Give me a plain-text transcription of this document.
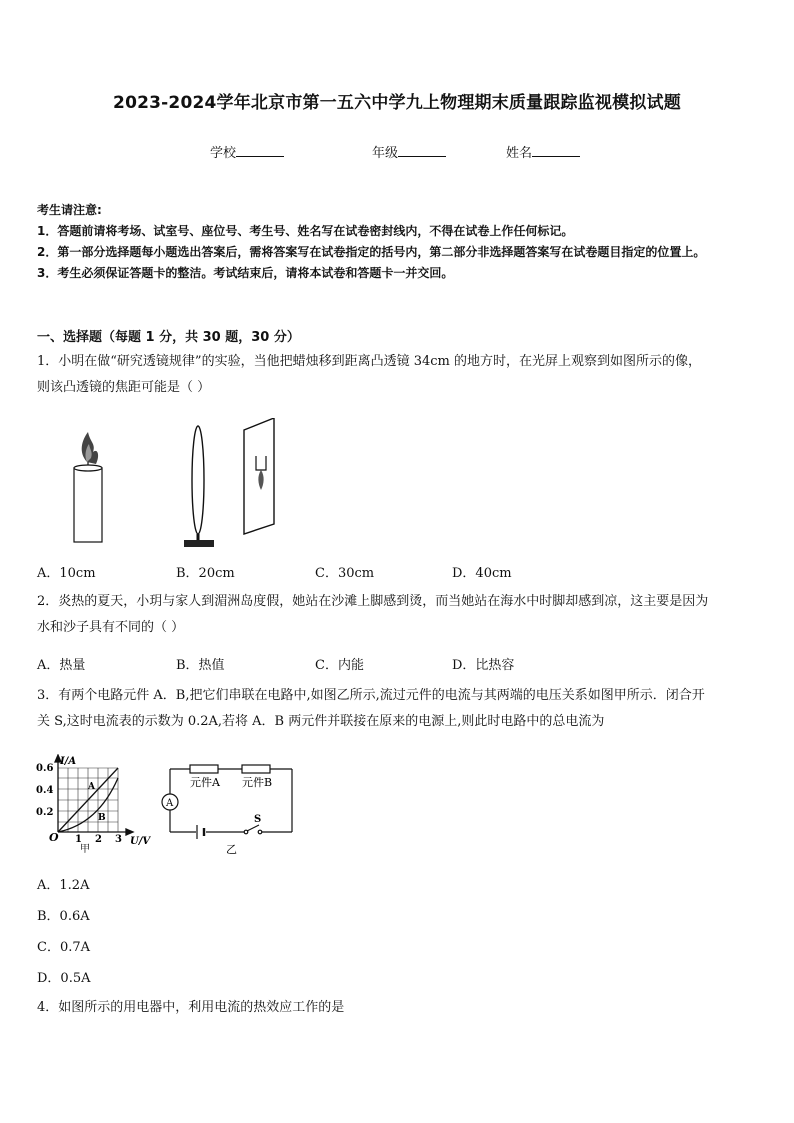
2023-2024学年北京市第一五六中学九上物理期末质量跟踪监视模拟试题
学校	年级	姓名
考生请注意:
1．答题前请将考场、试室号、座位号、考生号、姓名写在试卷密封线内，不得在试卷上作任何标记。
2．第一部分选择题每小题选出答案后，需将答案写在试卷指定的括号内，第二部分非选择题答案写在试卷题目指定的位置上。
3．考生必须保证答题卡的整洁。考试结束后，请将本试卷和答题卡一并交回。
一、选择题（每题 1 分，共 30 题，30 分）
1．小明在做“研究透镜规律”的实验，当他把蜡烛移到距离凸透镜 34cm 的地方时，在光屏上观察到如图所示的像，
则该凸透镜的焦距可能是（ ）
A．10cm	B．20cm	C．30cm	D．40cm
2．炎热的夏天，小玥与家人到湄洲岛度假，她站在沙滩上脚感到烫，而当她站在海水中时脚却感到凉，这主要是因为
水和沙子具有不同的（ ）
A．热量	B．热值	C．内能	D．比热容
3．有两个电路元件 A．B,把它们串联在电路中,如图乙所示,流过元件的电流与其两端的电压关系如图甲所示．闭合开
关 S,这时电流表的示数为 0.2A,若将 A．B 两元件并联接在原来的电源上,则此时电路中的总电流为
I/A
0.6
0.4
0.2
O 1 2 3 U/V
A
B
甲
A
元件A 元件B
S
乙
A．1.2A
B．0.6A
C．0.7A
D．0.5A
4．如图所示的用电器中，利用电流的热效应工作的是
